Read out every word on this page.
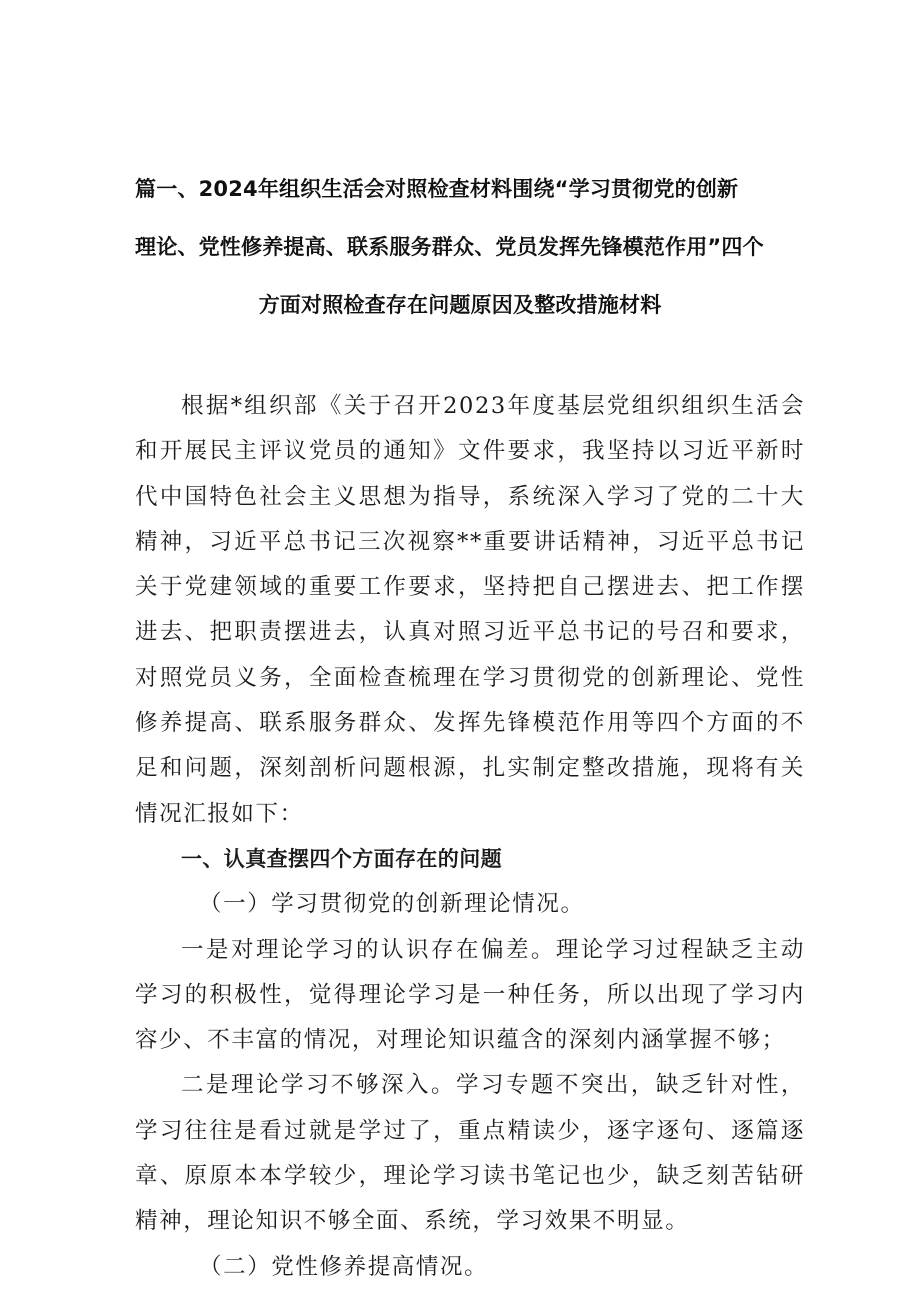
篇一、2024年组织生活会对照检查材料围绕“学习贯彻党的创新
理论、党性修养提高、联系服务群众、党员发挥先锋模范作用”四个
方面对照检查存在问题原因及整改措施材料

根据*组织部《关于召开2023年度基层党组织组织生活会和开展民主评议党员的通知》文件要求，我坚持以习近平新时代中国特色社会主义思想为指导，系统深入学习了党的二十大精神，习近平总书记三次视察**重要讲话精神，习近平总书记关于党建领域的重要工作要求，坚持把自己摆进去、把工作摆进去、把职责摆进去，认真对照习近平总书记的号召和要求，对照党员义务，全面检查梳理在学习贯彻党的创新理论、党性修养提高、联系服务群众、发挥先锋模范作用等四个方面的不足和问题，深刻剖析问题根源，扎实制定整改措施，现将有关情况汇报如下：

一、认真查摆四个方面存在的问题

（一）学习贯彻党的创新理论情况。

一是对理论学习的认识存在偏差。理论学习过程缺乏主动学习的积极性，觉得理论学习是一种任务，所以出现了学习内容少、不丰富的情况，对理论知识蕴含的深刻内涵掌握不够；

二是理论学习不够深入。学习专题不突出，缺乏针对性，学习往往是看过就是学过了，重点精读少，逐字逐句、逐篇逐章、原原本本学较少，理论学习读书笔记也少，缺乏刻苦钻研精神，理论知识不够全面、系统，学习效果不明显。

（二）党性修养提高情况。
